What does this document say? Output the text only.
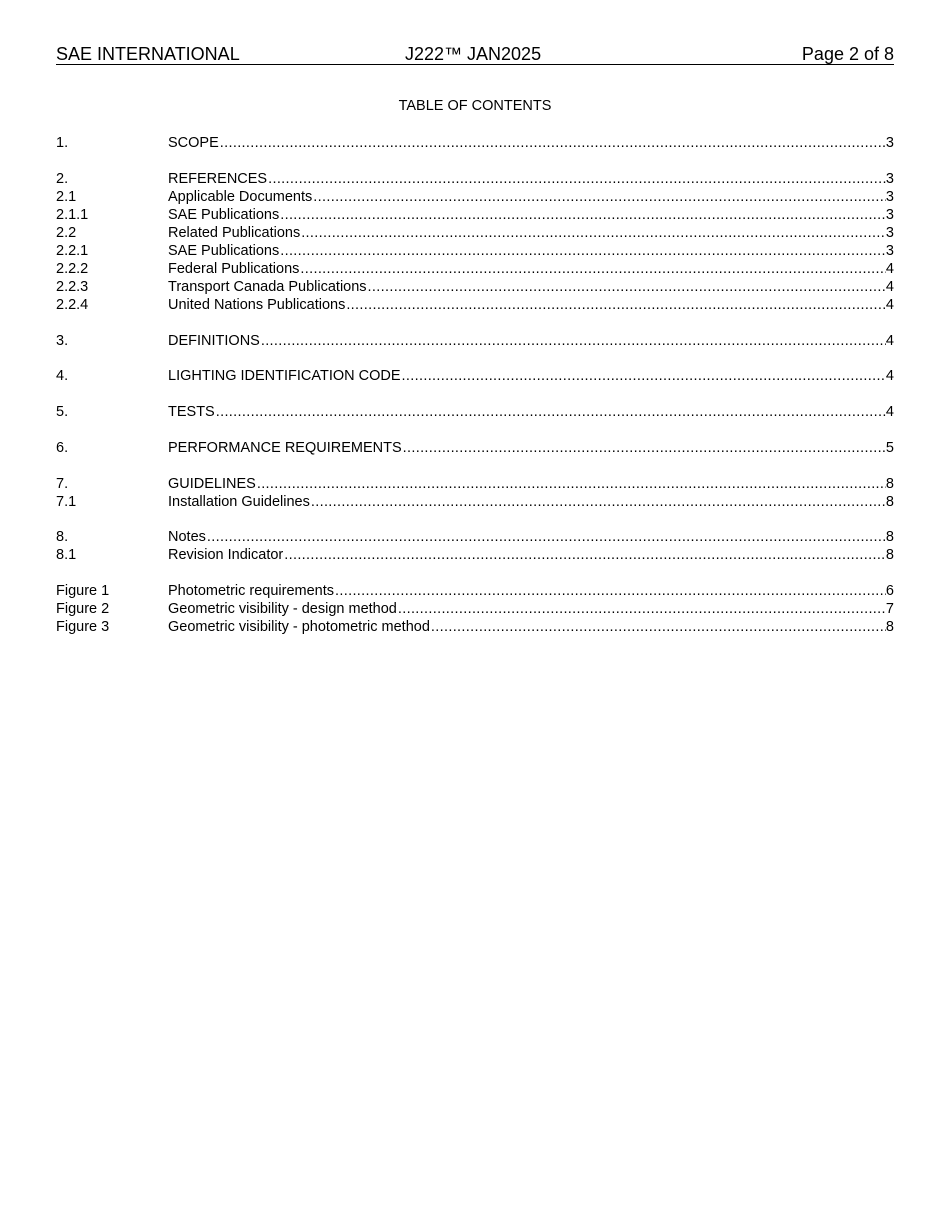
SAE INTERNATIONAL	J222™ JAN2025	Page 2 of 8
TABLE OF CONTENTS
1.	SCOPE . . .	3
2.	REFERENCES . . .	3
2.1	Applicable Documents . . .	3
2.1.1	SAE Publications . . .	3
2.2	Related Publications . . .	3
2.2.1	SAE Publications . . .	3
2.2.2	Federal Publications . . .	4
2.2.3	Transport Canada Publications . . .	4
2.2.4	United Nations Publications . . .	4
3.	DEFINITIONS . . .	4
4.	LIGHTING IDENTIFICATION CODE . . .	4
5.	TESTS . . .	4
6.	PERFORMANCE REQUIREMENTS . . .	5
7.	GUIDELINES . . .	8
7.1	Installation Guidelines . . .	8
8.	Notes . . .	8
8.1	Revision Indicator . . .	8
Figure 1	Photometric requirements . . .	6
Figure 2	Geometric visibility - design method . . .	7
Figure 3	Geometric visibility - photometric method . . .	8
